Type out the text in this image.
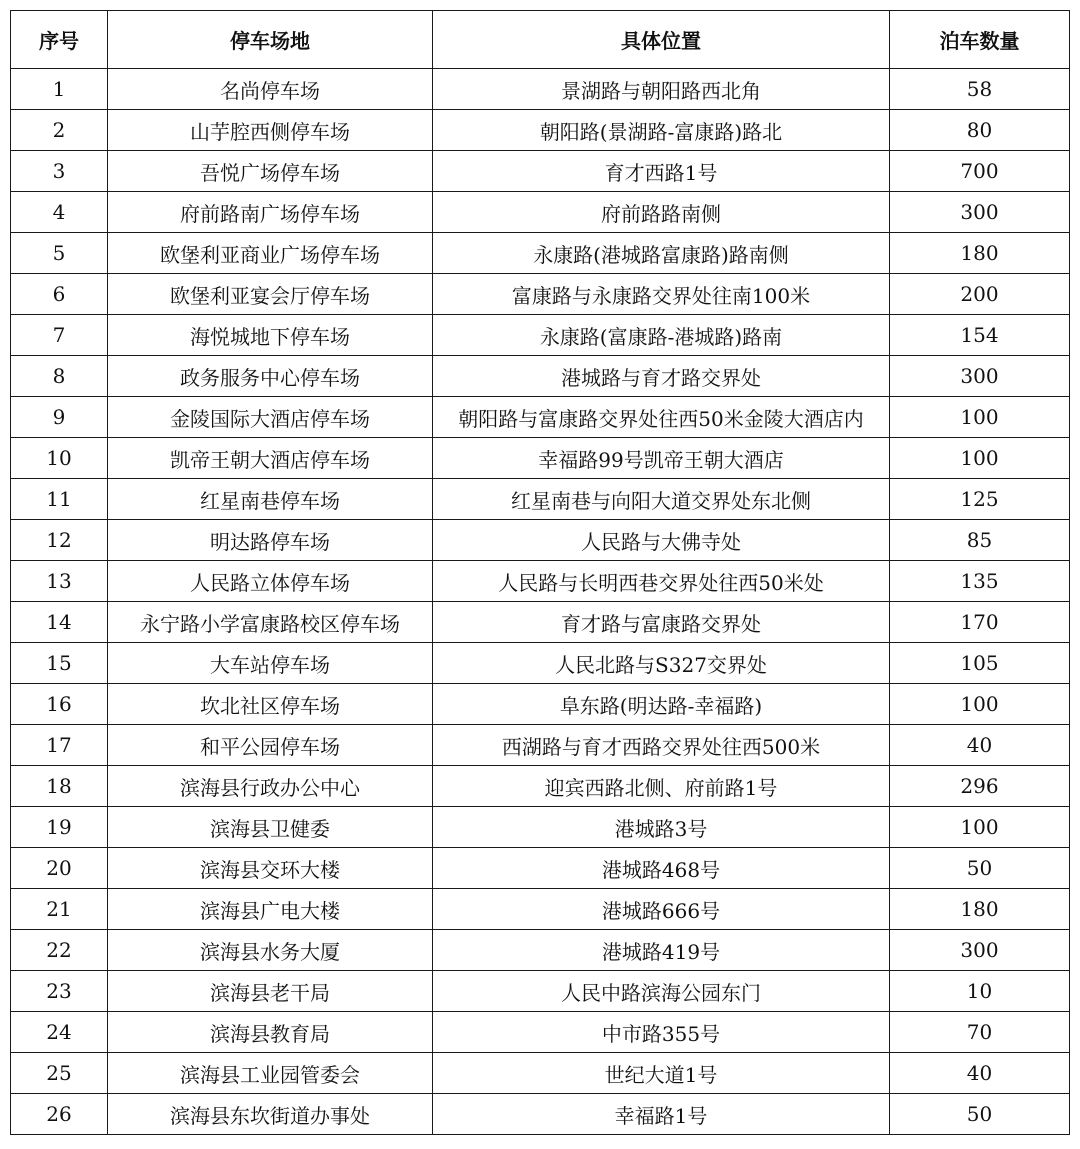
序号	停车场地	具体位置	泊车数量
1	名尚停车场	景湖路与朝阳路西北角	58
2	山芋腔西侧停车场	朝阳路(景湖路-富康路)路北	80
3	吾悦广场停车场	育才西路1号	700
4	府前路南广场停车场	府前路路南侧	300
5	欧堡利亚商业广场停车场	永康路(港城路富康路)路南侧	180
6	欧堡利亚宴会厅停车场	富康路与永康路交界处往南100米	200
7	海悦城地下停车场	永康路(富康路-港城路)路南	154
8	政务服务中心停车场	港城路与育才路交界处	300
9	金陵国际大酒店停车场	朝阳路与富康路交界处往西50米金陵大酒店内	100
10	凯帝王朝大酒店停车场	幸福路99号凯帝王朝大酒店	100
11	红星南巷停车场	红星南巷与向阳大道交界处东北侧	125
12	明达路停车场	人民路与大佛寺处	85
13	人民路立体停车场	人民路与长明西巷交界处往西50米处	135
14	永宁路小学富康路校区停车场	育才路与富康路交界处	170
15	大车站停车场	人民北路与S327交界处	105
16	坎北社区停车场	阜东路(明达路-幸福路)	100
17	和平公园停车场	西湖路与育才西路交界处往西500米	40
18	滨海县行政办公中心	迎宾西路北侧、府前路1号	296
19	滨海县卫健委	港城路3号	100
20	滨海县交环大楼	港城路468号	50
21	滨海县广电大楼	港城路666号	180
22	滨海县水务大厦	港城路419号	300
23	滨海县老干局	人民中路滨海公园东门	10
24	滨海县教育局	中市路355号	70
25	滨海县工业园管委会	世纪大道1号	40
26	滨海县东坎街道办事处	幸福路1号	50
